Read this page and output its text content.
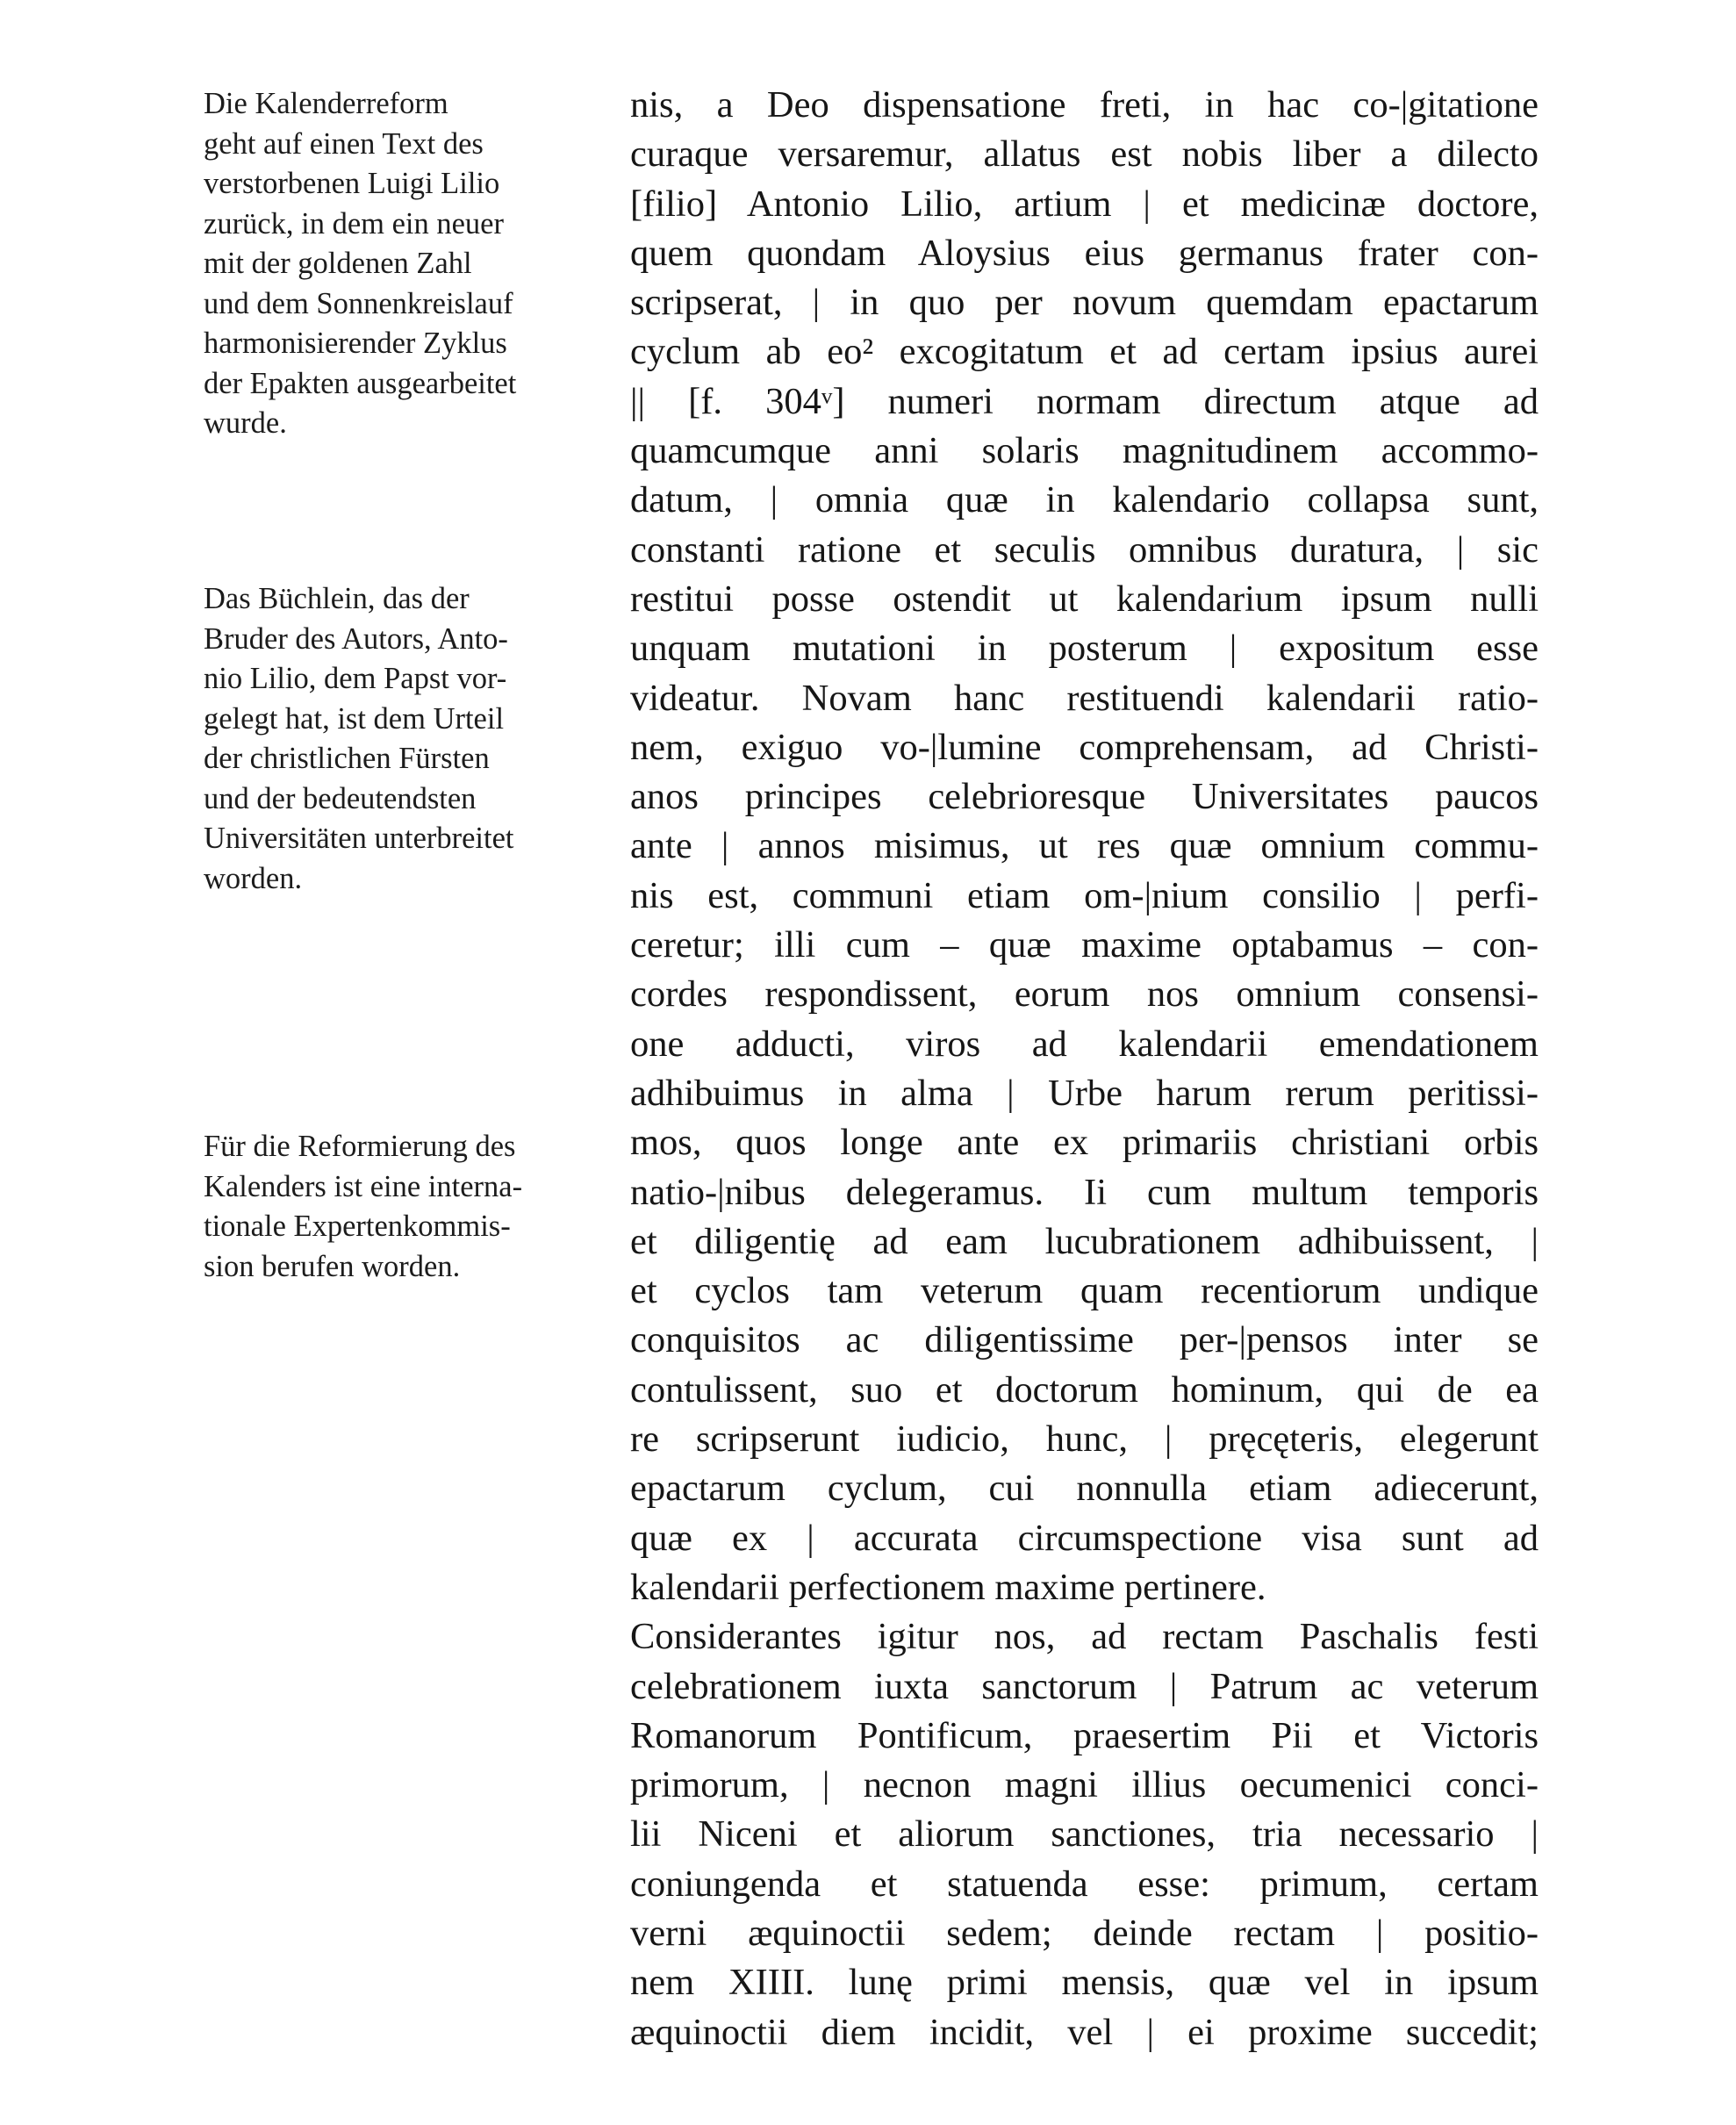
Die Kalenderreform
geht auf einen Text des
verstorbenen Luigi Lilio
zurück, in dem ein neuer
mit der goldenen Zahl
und dem Sonnenkreislauf
harmonisierender Zyklus
der Epakten ausgearbeitet
wurde.
Das Büchlein, das der
Bruder des Autors, Anto-
nio Lilio, dem Papst vor-
gelegt hat, ist dem Urteil
der christlichen Fürsten
und der bedeutendsten
Universitäten unterbreitet
worden.
Für die Reformierung des
Kalenders ist eine interna-
tionale Expertenkommis-
sion berufen worden.
nis, a Deo dispensatione freti, in hac co-|gitatione
curaque versaremur, allatus est nobis liber a dilecto
[filio] Antonio Lilio, artium | et medicinæ doctore,
quem quondam Aloysius eius germanus frater con-
scripserat, | in quo per novum quemdam epactarum
cyclum ab eo² excogitatum et ad certam ipsius aurei
|| [f. 304ᵛ] numeri normam directum atque ad
quamcumque anni solaris magnitudinem accommo-
datum, | omnia quæ in kalendario collapsa sunt,
constanti ratione et seculis omnibus duratura, | sic
restitui posse ostendit ut kalendarium ipsum nulli
unquam mutationi in posterum | expositum esse
videatur. Novam hanc restituendi kalendarii ratio-
nem, exiguo vo-|lumine comprehensam, ad Christi-
anos principes celebrioresque Universitates paucos
ante | annos misimus, ut res quæ omnium commu-
nis est, communi etiam om-|nium consilio | perfi-
ceretur; illi cum – quæ maxime optabamus – con-
cordes respondissent, eorum nos omnium consensi-
one adducti, viros ad kalendarii emendationem
adhibuimus in alma | Urbe harum rerum peritissi-
mos, quos longe ante ex primariis christiani orbis
natio-|nibus delegeramus. Ii cum multum temporis
et diligentię ad eam lucubrationem adhibuissent, |
et cyclos tam veterum quam recentiorum undique
conquisitos ac diligentissime per-|pensos inter se
contulissent, suo et doctorum hominum, qui de ea
re scripserunt iudicio, hunc, | pręcęteris, elegerunt
epactarum cyclum, cui nonnulla etiam adiecerunt,
quæ ex | accurata circumspectione visa sunt ad
kalendarii perfectionem maxime pertinere.
Considerantes igitur nos, ad rectam Paschalis festi
celebrationem iuxta sanctorum | Patrum ac veterum
Romanorum Pontificum, praesertim Pii et Victoris
primorum, | necnon magni illius oecumenici conci-
lii Niceni et aliorum sanctiones, tria necessario |
coniungenda et statuenda esse: primum, certam
verni æquinoctii sedem; deinde rectam | positio-
nem XIIII. lunę primi mensis, quæ vel in ipsum
æquinoctii diem incidit, vel | ei proxime succedit;
